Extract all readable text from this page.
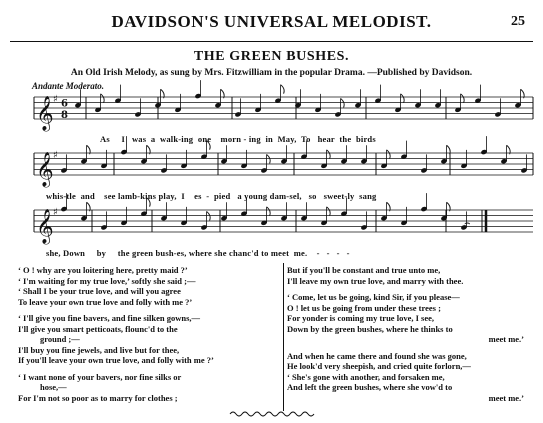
DAVIDSON'S UNIVERSAL MELODIST.	25
THE GREEN BUSHES.
An Old Irish Melody, as sung by Mrs. Fitzwilliam in the popular Drama. —Published by Davidson.
Andante Moderato.
𝄞 ♯ 6
8
𝄞 ♯
𝄞 ♯
⌢
As     I   was  a  walk-ing  one    morn - ing  in  May,  To   hear  the  birds
whis-tle  and    see lamb-kins play,  I    es  -  pied   a young dam-sel,   so   sweet-ly  sang
she, Down     by     the green bush-es, where she chanc'd to meet  me.    -   -   -   -
‘ O ! why are you loitering here, pretty maid ?’
‘ I'm waiting for my true love,’ softly she said ;—
‘ Shall I be your true love, and will you agree
To leave your own true love and folly with me ?’
‘ I'll give you fine bavers, and fine silken gowns,—
I'll give you smart petticoats, flounc'd to the
ground ;—
I'll buy you fine jewels, and live but for thee,
If you'll leave your own true love, and folly with me ?’
‘ I want none of your bavers, nor fine silks or
hose,—
For I'm not so poor as to marry for clothes ;
But if you'll be constant and true unto me,
I'll leave my own true love, and marry with thee.
‘ Come, let us be going, kind Sir, if you please—
O ! let us be going from under these trees ;
For yonder is coming my true love, I see,
Down by the green bushes, where he thinks to
meet me.’
And when he came there and found she was gone,
He look'd very sheepish, and cried quite forlorn,—
‘ She's gone with another, and forsaken me,
And left the green bushes, where she vow'd to
meet me.’
